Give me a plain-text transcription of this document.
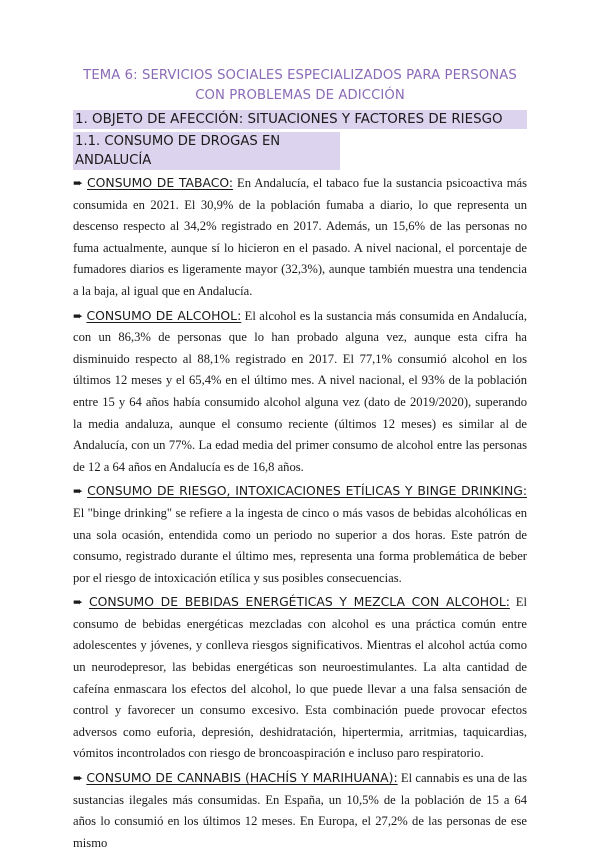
TEMA 6: SERVICIOS SOCIALES ESPECIALIZADOS PARA PERSONAS CON PROBLEMAS DE ADICCIÓN
1. OBJETO DE AFECCIÓN: SITUACIONES Y FACTORES DE RIESGO
1.1. CONSUMO DE DROGAS EN ANDALUCÍA

➨ CONSUMO DE TABACO: En Andalucía, el tabaco fue la sustancia psicoactiva más consumida en 2021. El 30,9% de la población fumaba a diario, lo que representa un descenso respecto al 34,2% registrado en 2017. Además, un 15,6% de las personas no fuma actualmente, aunque sí lo hicieron en el pasado. A nivel nacional, el porcentaje de fumadores diarios es ligeramente mayor (32,3%), aunque también muestra una tendencia a la baja, al igual que en Andalucía.

➨ CONSUMO DE ALCOHOL: El alcohol es la sustancia más consumida en Andalucía, con un 86,3% de personas que lo han probado alguna vez, aunque esta cifra ha disminuido respecto al 88,1% registrado en 2017. El 77,1% consumió alcohol en los últimos 12 meses y el 65,4% en el último mes. A nivel nacional, el 93% de la población entre 15 y 64 años había consumido alcohol alguna vez (dato de 2019/2020), superando la media andaluza, aunque el consumo reciente (últimos 12 meses) es similar al de Andalucía, con un 77%. La edad media del primer consumo de alcohol entre las personas de 12 a 64 años en Andalucía es de 16,8 años.

➨ CONSUMO DE RIESGO, INTOXICACIONES ETÍLICAS Y BINGE DRINKING: El "binge drinking" se refiere a la ingesta de cinco o más vasos de bebidas alcohólicas en una sola ocasión, entendida como un periodo no superior a dos horas. Este patrón de consumo, registrado durante el último mes, representa una forma problemática de beber por el riesgo de intoxicación etílica y sus posibles consecuencias.

➨ CONSUMO DE BEBIDAS ENERGÉTICAS Y MEZCLA CON ALCOHOL: El consumo de bebidas energéticas mezcladas con alcohol es una práctica común entre adolescentes y jóvenes, y conlleva riesgos significativos. Mientras el alcohol actúa como un neurodepresor, las bebidas energéticas son neuroestimulantes. La alta cantidad de cafeína enmascara los efectos del alcohol, lo que puede llevar a una falsa sensación de control y favorecer un consumo excesivo. Esta combinación puede provocar efectos adversos como euforia, depresión, deshidratación, hipertermia, arritmias, taquicardias, vómitos incontrolados con riesgo de broncoaspiración e incluso paro respiratorio.

➨ CONSUMO DE CANNABIS (HACHÍS Y MARIHUANA): El cannabis es una de las sustancias ilegales más consumidas. En España, un 10,5% de la población de 15 a 64 años lo consumió en los últimos 12 meses. En Europa, el 27,2% de las personas de ese mismo
